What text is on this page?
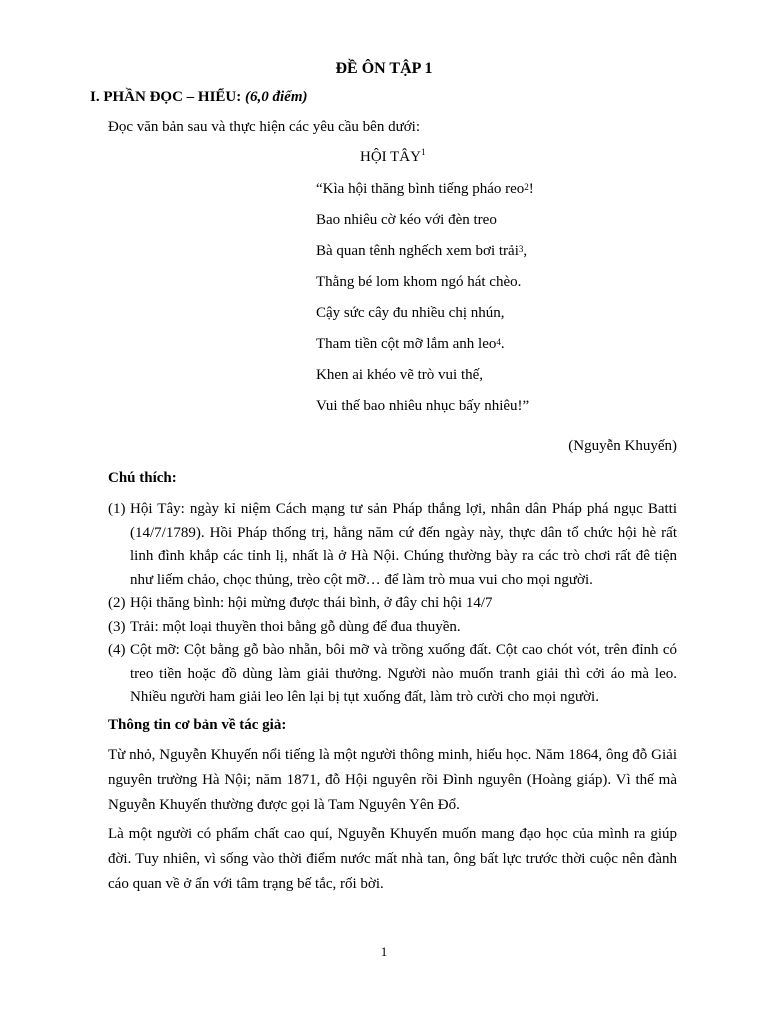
ĐỀ ÔN TẬP 1
I. PHẦN ĐỌC – HIỂU: (6,0 điểm)
Đọc văn bản sau và thực hiện các yêu cầu bên dưới:
HỘI TÂY$^1$
“Kìa hội thăng bình tiếng pháo reo$^2$!
Bao nhiêu cờ kéo với đèn treo
Bà quan tênh nghếch xem bơi trải$^3$,
Thằng bé lom khom ngó hát chèo.
Cậy sức cây đu nhiều chị nhún,
Tham tiền cột mỡ lắm anh leo$^4$.
Khen ai khéo vẽ trò vui thế,
Vui thế bao nhiêu nhục bấy nhiêu!”
(Nguyễn Khuyến)
Chú thích:
(1) Hội Tây: ngày kỉ niệm Cách mạng tư sản Pháp thắng lợi, nhân dân Pháp phá ngục Batti (14/7/1789). Hồi Pháp thống trị, hằng năm cứ đến ngày này, thực dân tổ chức hội hè rất linh đình khắp các tỉnh lị, nhất là ở Hà Nội. Chúng thường bày ra các trò chơi rất đê tiện như liếm chảo, chọc thủng, trèo cột mỡ… để làm trò mua vui cho mọi người.
(2) Hội thăng bình: hội mừng được thái bình, ở đây chỉ hội 14/7
(3) Trải: một loại thuyền thoi bằng gỗ dùng để đua thuyền.
(4) Cột mỡ: Cột bằng gỗ bào nhẵn, bôi mỡ và trồng xuống đất. Cột cao chót vót, trên đỉnh có treo tiền hoặc đồ dùng làm giải thưởng. Người nào muốn tranh giải thì cởi áo mà leo. Nhiều người ham giải leo lên lại bị tụt xuống đất, làm trò cười cho mọi người.
Thông tin cơ bản về tác giả:
Từ nhỏ, Nguyễn Khuyến nổi tiếng là một người thông minh, hiếu học. Năm 1864, ông đỗ Giải nguyên trường Hà Nội; năm 1871, đỗ Hội nguyên rồi Đình nguyên (Hoàng giáp). Vì thế mà Nguyễn Khuyến thường được gọi là Tam Nguyên Yên Đổ.
Là một người có phẩm chất cao quí, Nguyễn Khuyến muốn mang đạo học của mình ra giúp đời. Tuy nhiên, vì sống vào thời điểm nước mất nhà tan, ông bất lực trước thời cuộc nên đành cáo quan về ở ẩn với tâm trạng bế tắc, rối bời.
1
